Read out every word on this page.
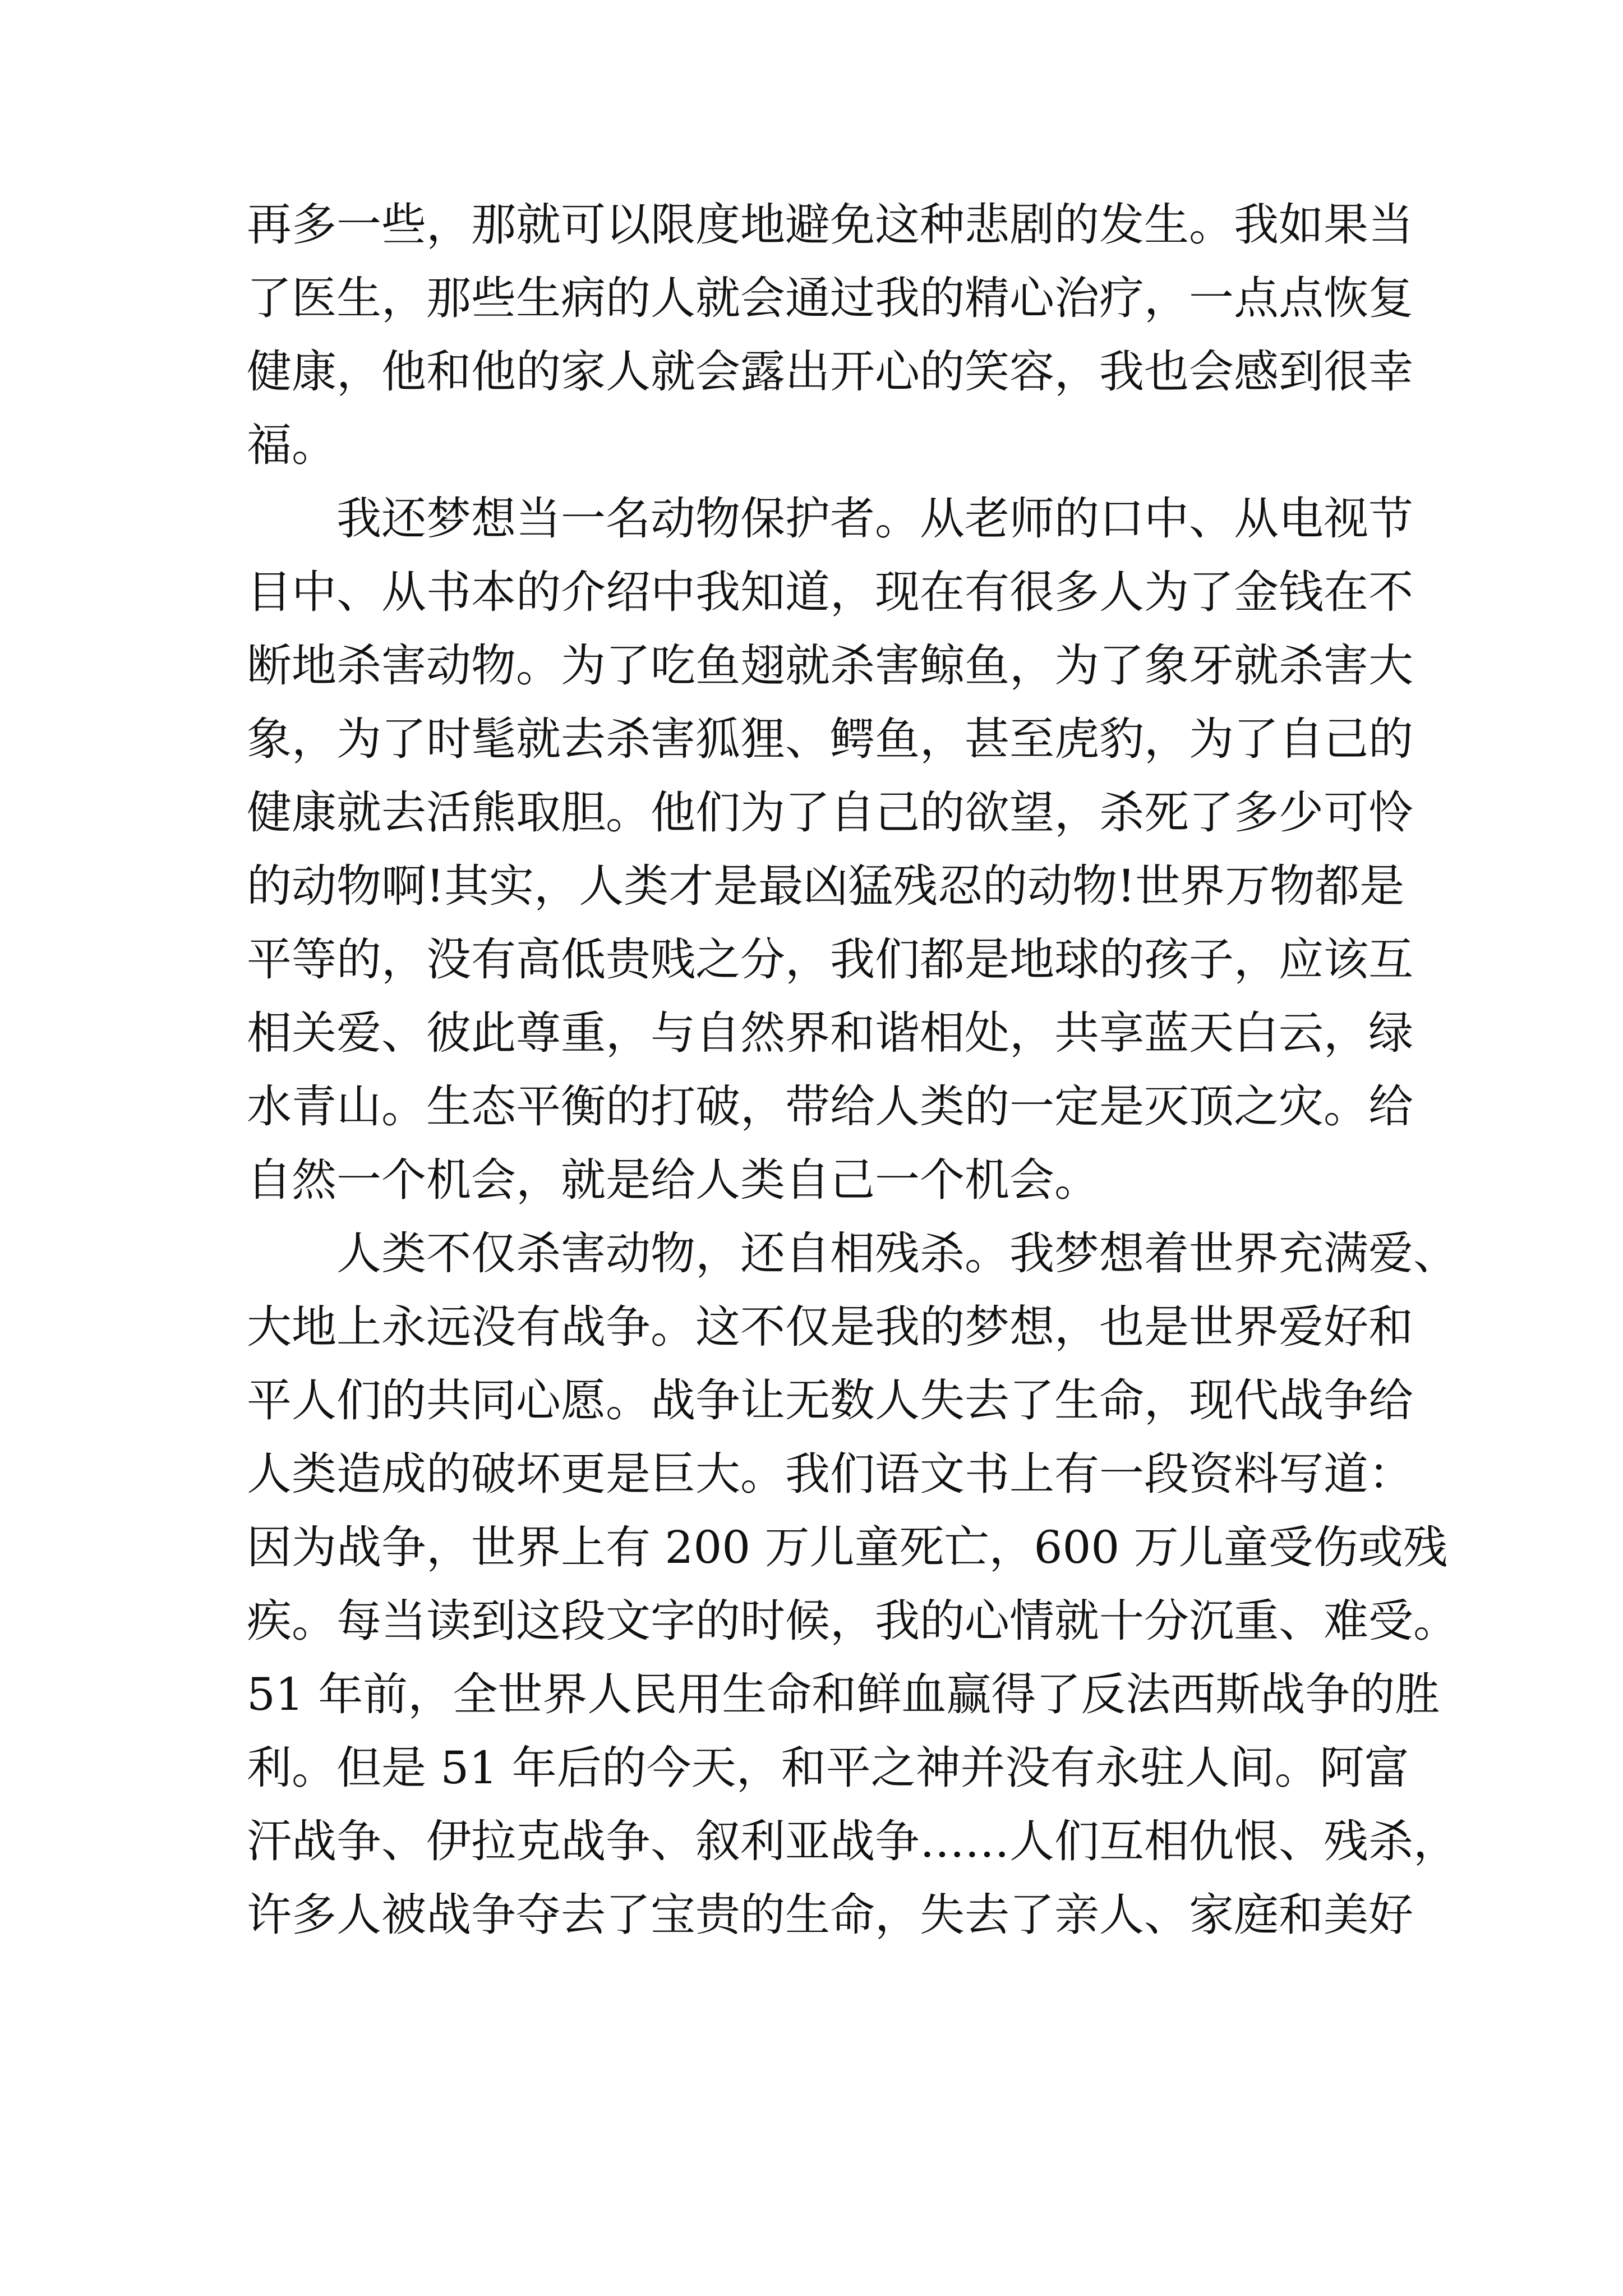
再多一些，那就可以限度地避免这种悲剧的发生。我如果当
了医生，那些生病的人就会通过我的精心治疗，一点点恢复
健康，他和他的家人就会露出开心的笑容，我也会感到很幸
福。
我还梦想当一名动物保护者。从老师的口中、从电视节
目中、从书本的介绍中我知道，现在有很多人为了金钱在不
断地杀害动物。为了吃鱼翅就杀害鲸鱼，为了象牙就杀害大
象，为了时髦就去杀害狐狸、鳄鱼，甚至虎豹，为了自己的
健康就去活熊取胆。他们为了自己的欲望，杀死了多少可怜
的动物啊!其实，人类才是最凶猛残忍的动物!世界万物都是
平等的，没有高低贵贱之分，我们都是地球的孩子，应该互
相关爱、彼此尊重，与自然界和谐相处，共享蓝天白云，绿
水青山。生态平衡的打破，带给人类的一定是灭顶之灾。给
自然一个机会，就是给人类自己一个机会。
人类不仅杀害动物，还自相残杀。我梦想着世界充满爱、
大地上永远没有战争。这不仅是我的梦想，也是世界爱好和
平人们的共同心愿。战争让无数人失去了生命，现代战争给
人类造成的破坏更是巨大。我们语文书上有一段资料写道：
因为战争，世界上有 200 万儿童死亡，600 万儿童受伤或残
疾。每当读到这段文字的时候，我的心情就十分沉重、难受。
51 年前，全世界人民用生命和鲜血赢得了反法西斯战争的胜
利。但是 51 年后的今天，和平之神并没有永驻人间。阿富
汗战争、伊拉克战争、叙利亚战争……人们互相仇恨、残杀，
许多人被战争夺去了宝贵的生命，失去了亲人、家庭和美好
